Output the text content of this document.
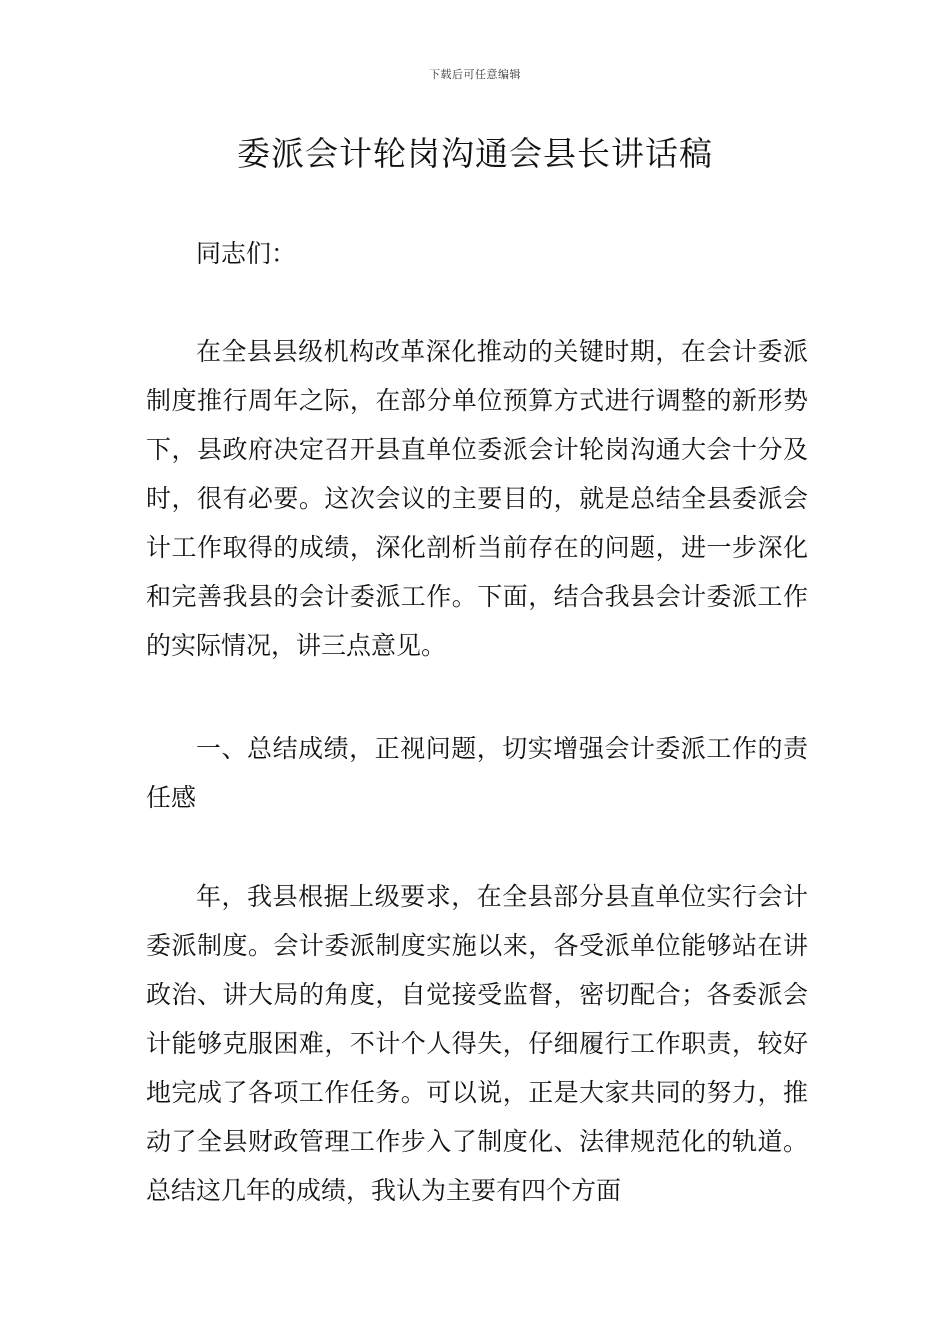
下载后可任意编辑
委派会计轮岗沟通会县长讲话稿

同志们：

在全县县级机构改革深化推动的关键时期，在会计委派制度推行周年之际，在部分单位预算方式进行调整的新形势下，县政府决定召开县直单位委派会计轮岗沟通大会十分及时，很有必要。这次会议的主要目的，就是总结全县委派会计工作取得的成绩，深化剖析当前存在的问题，进一步深化和完善我县的会计委派工作。下面，结合我县会计委派工作的实际情况，讲三点意见。

一、总结成绩，正视问题，切实增强会计委派工作的责任感

年，我县根据上级要求，在全县部分县直单位实行会计委派制度。会计委派制度实施以来，各受派单位能够站在讲政治、讲大局的角度，自觉接受监督，密切配合；各委派会计能够克服困难，不计个人得失，仔细履行工作职责，较好地完成了各项工作任务。可以说，正是大家共同的努力，推动了全县财政管理工作步入了制度化、法律规范化的轨道。总结这几年的成绩，我认为主要有四个方面
